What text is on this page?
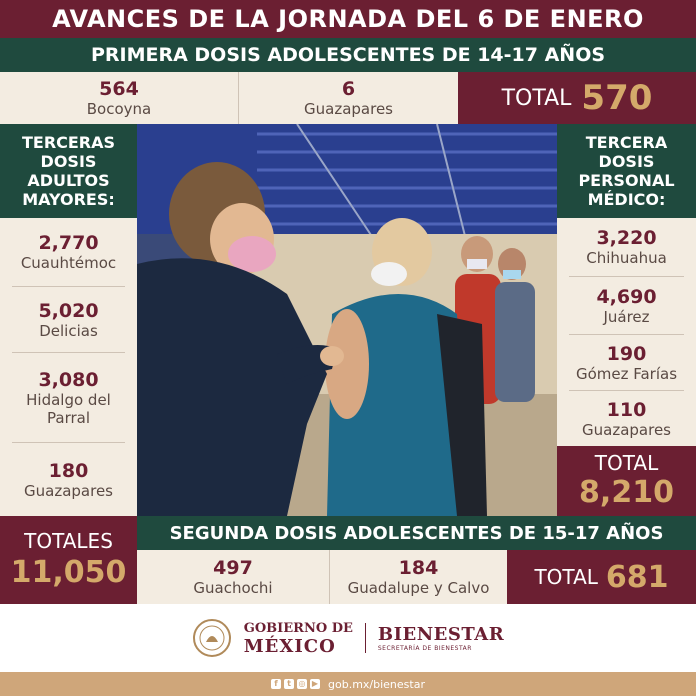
AVANCES DE LA JORNADA DEL 6 DE ENERO
PRIMERA DOSIS ADOLESCENTES DE 14-17 AÑOS
564
Bocoyna
6
Guazapares	TOTAL 570
TERCERAS DOSIS ADULTOS MAYORES:
2,770
Cuauhtémoc
5,020
Delicias
3,080
Hidalgo del Parral
180
Guazapares
TERCERA DOSIS PERSONAL MÉDICO:
3,220
Chihuahua
4,690
Juárez
190
Gómez Farías
110
Guazapares
TOTAL
8,210
TOTALES
11,050
SEGUNDA DOSIS ADOLESCENTES DE 15-17 AÑOS
497
Guachochi
184
Guadalupe y Calvo TOTAL 681
GOBIERNO DE
MÉXICO
BIENESTAR
SECRETARÍA DE BIENESTAR
f	t ◎ ▶ gob.mx/bienestar
